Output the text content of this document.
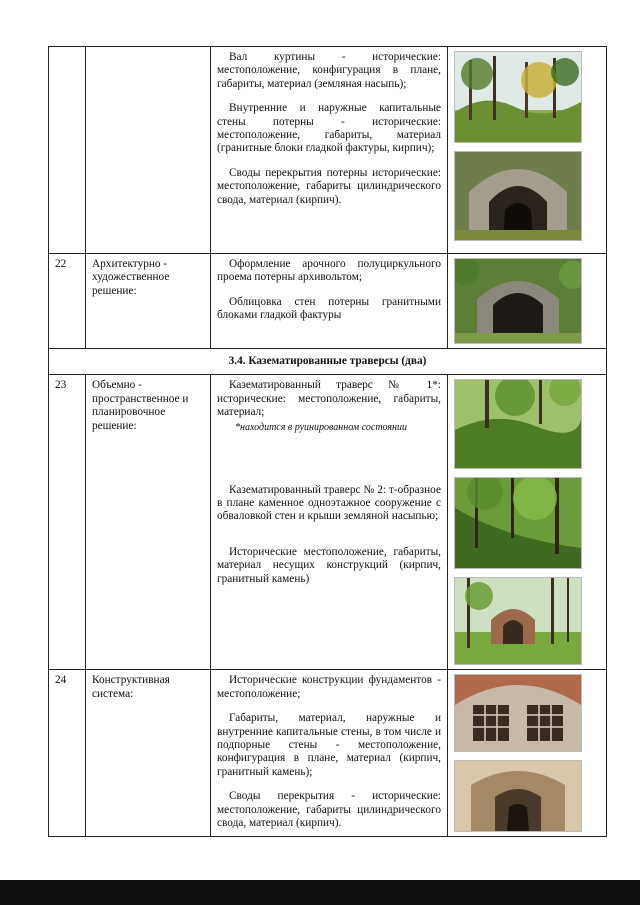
		Вал куртины - исторические: местоположение, конфигурация в плане, габариты, материал (земляная насыпь);

Внутренние и наружные капитальные стены потерны - исторические: местоположение, габариты, материал (гранитные блоки гладкой фактуры, кирпич);

Своды перекрытия потерны исторические: местоположение, габариты цилиндрического свода, материал (кирпич).

22	Архитектурно - художественное решение:	Оформление арочного полуциркульного проема потерны архивольтом;

Облицовка стен потерны гранитными блоками гладкой фактуры

3.4. Казематированные траверсы (два)			
23	Объемно - пространственное и планировочное решение:	Казематированный траверс № 1*: исторические: местоположение, габариты, материал;

*находится в руинированном состоянии

Казематированный траверс № 2: т-образное в плане каменное одноэтажное сооружение с обваловкой стен и крыши земляной насыпью;

Исторические местоположение, габариты, материал несущих конструкций (кирпич, гранитный камень)

24	Конструктивная система:	Исторические конструкции фундаментов - местоположение;

Габариты, материал, наружные и внутренние капитальные стены, в том числе и подпорные стены - местоположение, конфигурация в плане, материал (кирпич, гранитный камень);

Своды перекрытия - исторические: местоположение, габариты цилиндрического свода, материал (кирпич).
